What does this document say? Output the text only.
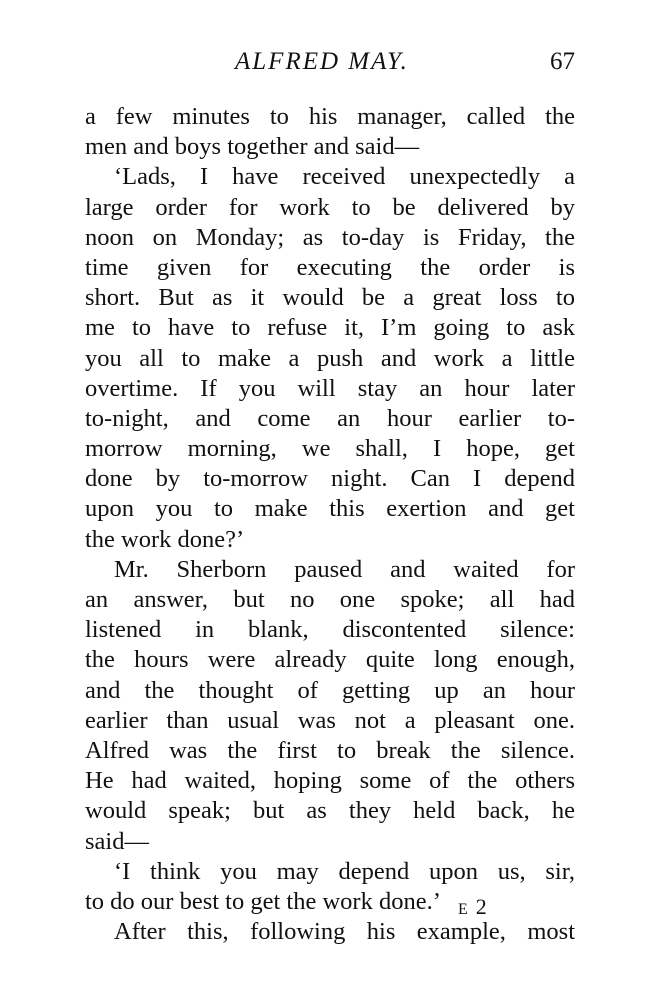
ALFRED MAY.	67
a few minutes to his manager, called the
men and boys together and said—
‘Lads, I have received unexpectedly a
large order for work to be delivered by
noon on Monday; as to-day is Friday, the
time given for executing the order is
short. But as it would be a great loss to
me to have to refuse it, I’m going to ask
you all to make a push and work a little
overtime. If you will stay an hour later
to-night, and come an hour earlier to-
morrow morning, we shall, I hope, get
done by to-morrow night. Can I depend
upon you to make this exertion and get
the work done?’
Mr. Sherborn paused and waited for
an answer, but no one spoke; all had
listened in blank, discontented silence:
the hours were already quite long enough,
and the thought of getting up an hour
earlier than usual was not a pleasant one.
Alfred was the first to break the silence.
He had waited, hoping some of the others
would speak; but as they held back, he
said—
‘I think you may depend upon us, sir,
to do our best to get the work done.’
After this, following his example, most
E 2
